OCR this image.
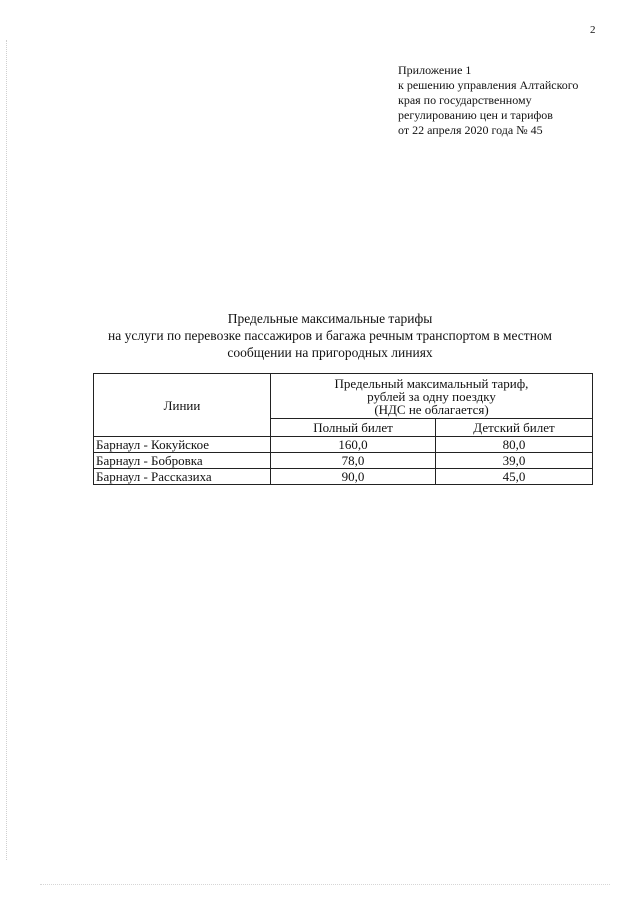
2
Приложение 1
к решению управления Алтайского
края по государственному
регулированию цен и тарифов
от 22 апреля 2020 года № 45
Предельные максимальные тарифы
на услуги по перевозке пассажиров и багажа речным транспортом в местном
сообщении на пригородных линиях
Линии	Предельный максимальный тариф,
рублей за одну поездку
(НДС не облагается)	

	Полный билет	Детский билет
Барнаул - Кокуйское	160,0	80,0
Барнаул - Бобровка	78,0	39,0
Барнаул - Рассказиха	90,0	45,0
